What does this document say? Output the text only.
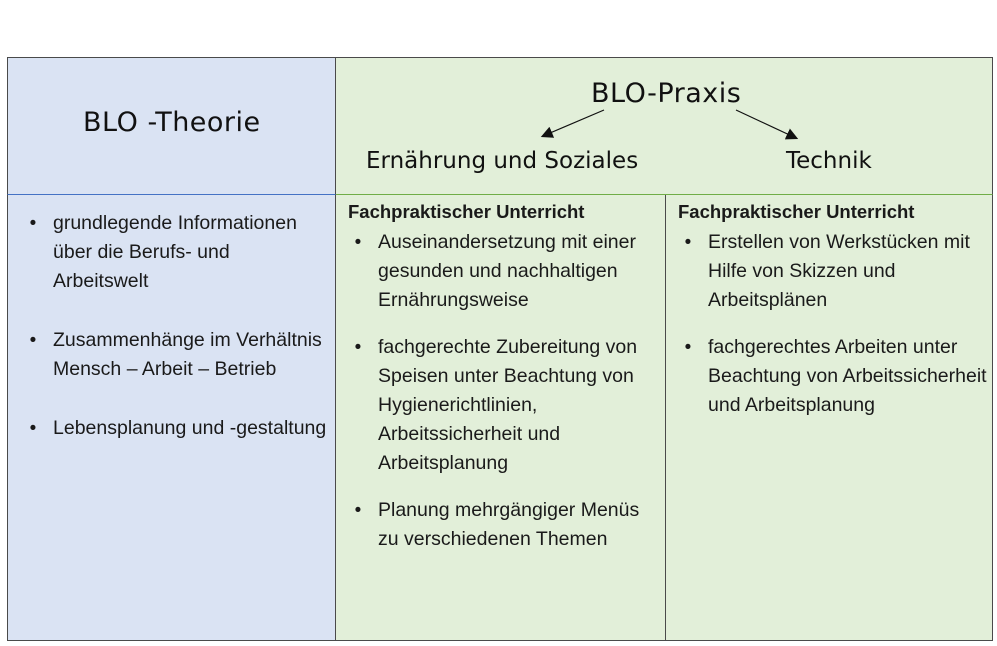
BLO -Theorie
BLO-Praxis
Ernährung und Soziales	Technik
• grundlegende Informationen über die Berufs- und Arbeitswelt
• Zusammenhänge im Verhältnis Mensch – Arbeit – Betrieb
• Lebensplanung und -gestaltung
Fachpraktischer Unterricht
• Auseinandersetzung mit einer gesunden und nachhaltigen Ernährungsweise
• fachgerechte Zubereitung von Speisen unter Beachtung von Hygienerichtlinien, Arbeitssicherheit und Arbeitsplanung
• Planung mehrgängiger Menüs zu verschiedenen Themen
Fachpraktischer Unterricht
• Erstellen von Werkstücken mit Hilfe von Skizzen und Arbeitsplänen
• fachgerechtes Arbeiten unter Beachtung von Arbeitssicherheit und Arbeitsplanung
